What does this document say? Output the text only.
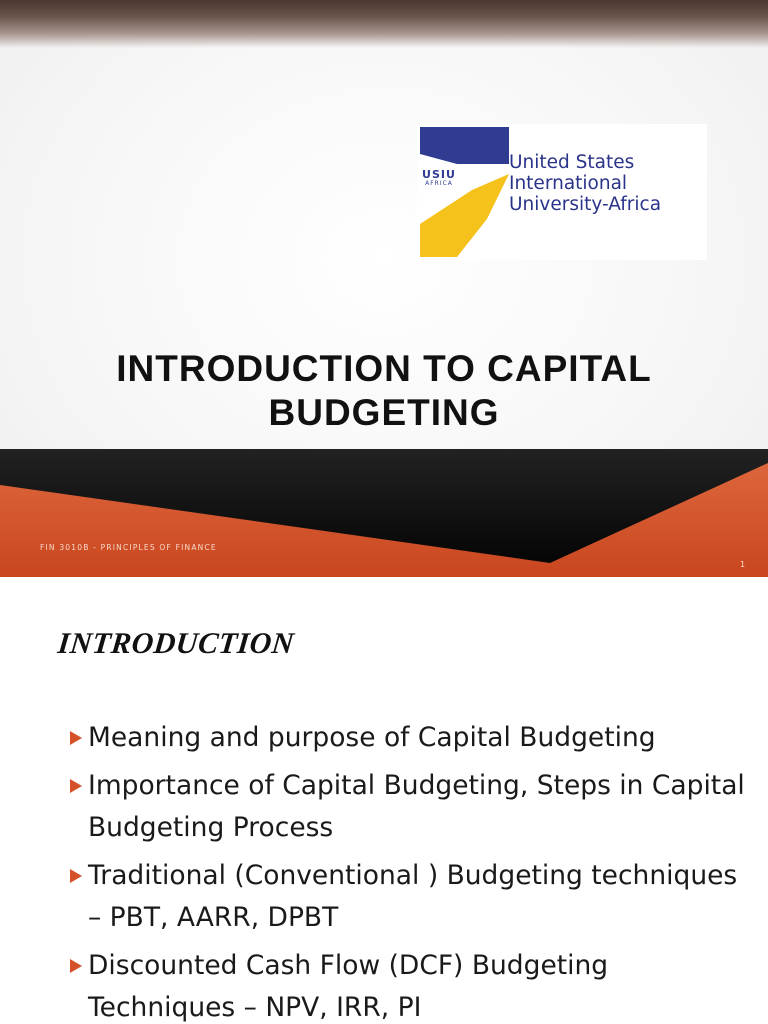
USIU
AFRICA
United States
International
University-Africa
INTRODUCTION TO CAPITAL
BUDGETING
FIN 3010B - PRINCIPLES OF FINANCE
1
INTRODUCTION
Meaning and purpose of Capital Budgeting
Importance of Capital Budgeting, Steps in Capital Budgeting Process
Traditional (Conventional ) Budgeting techniques – PBT, AARR, DPBT
Discounted Cash Flow (DCF) Budgeting Techniques – NPV, IRR, PI
